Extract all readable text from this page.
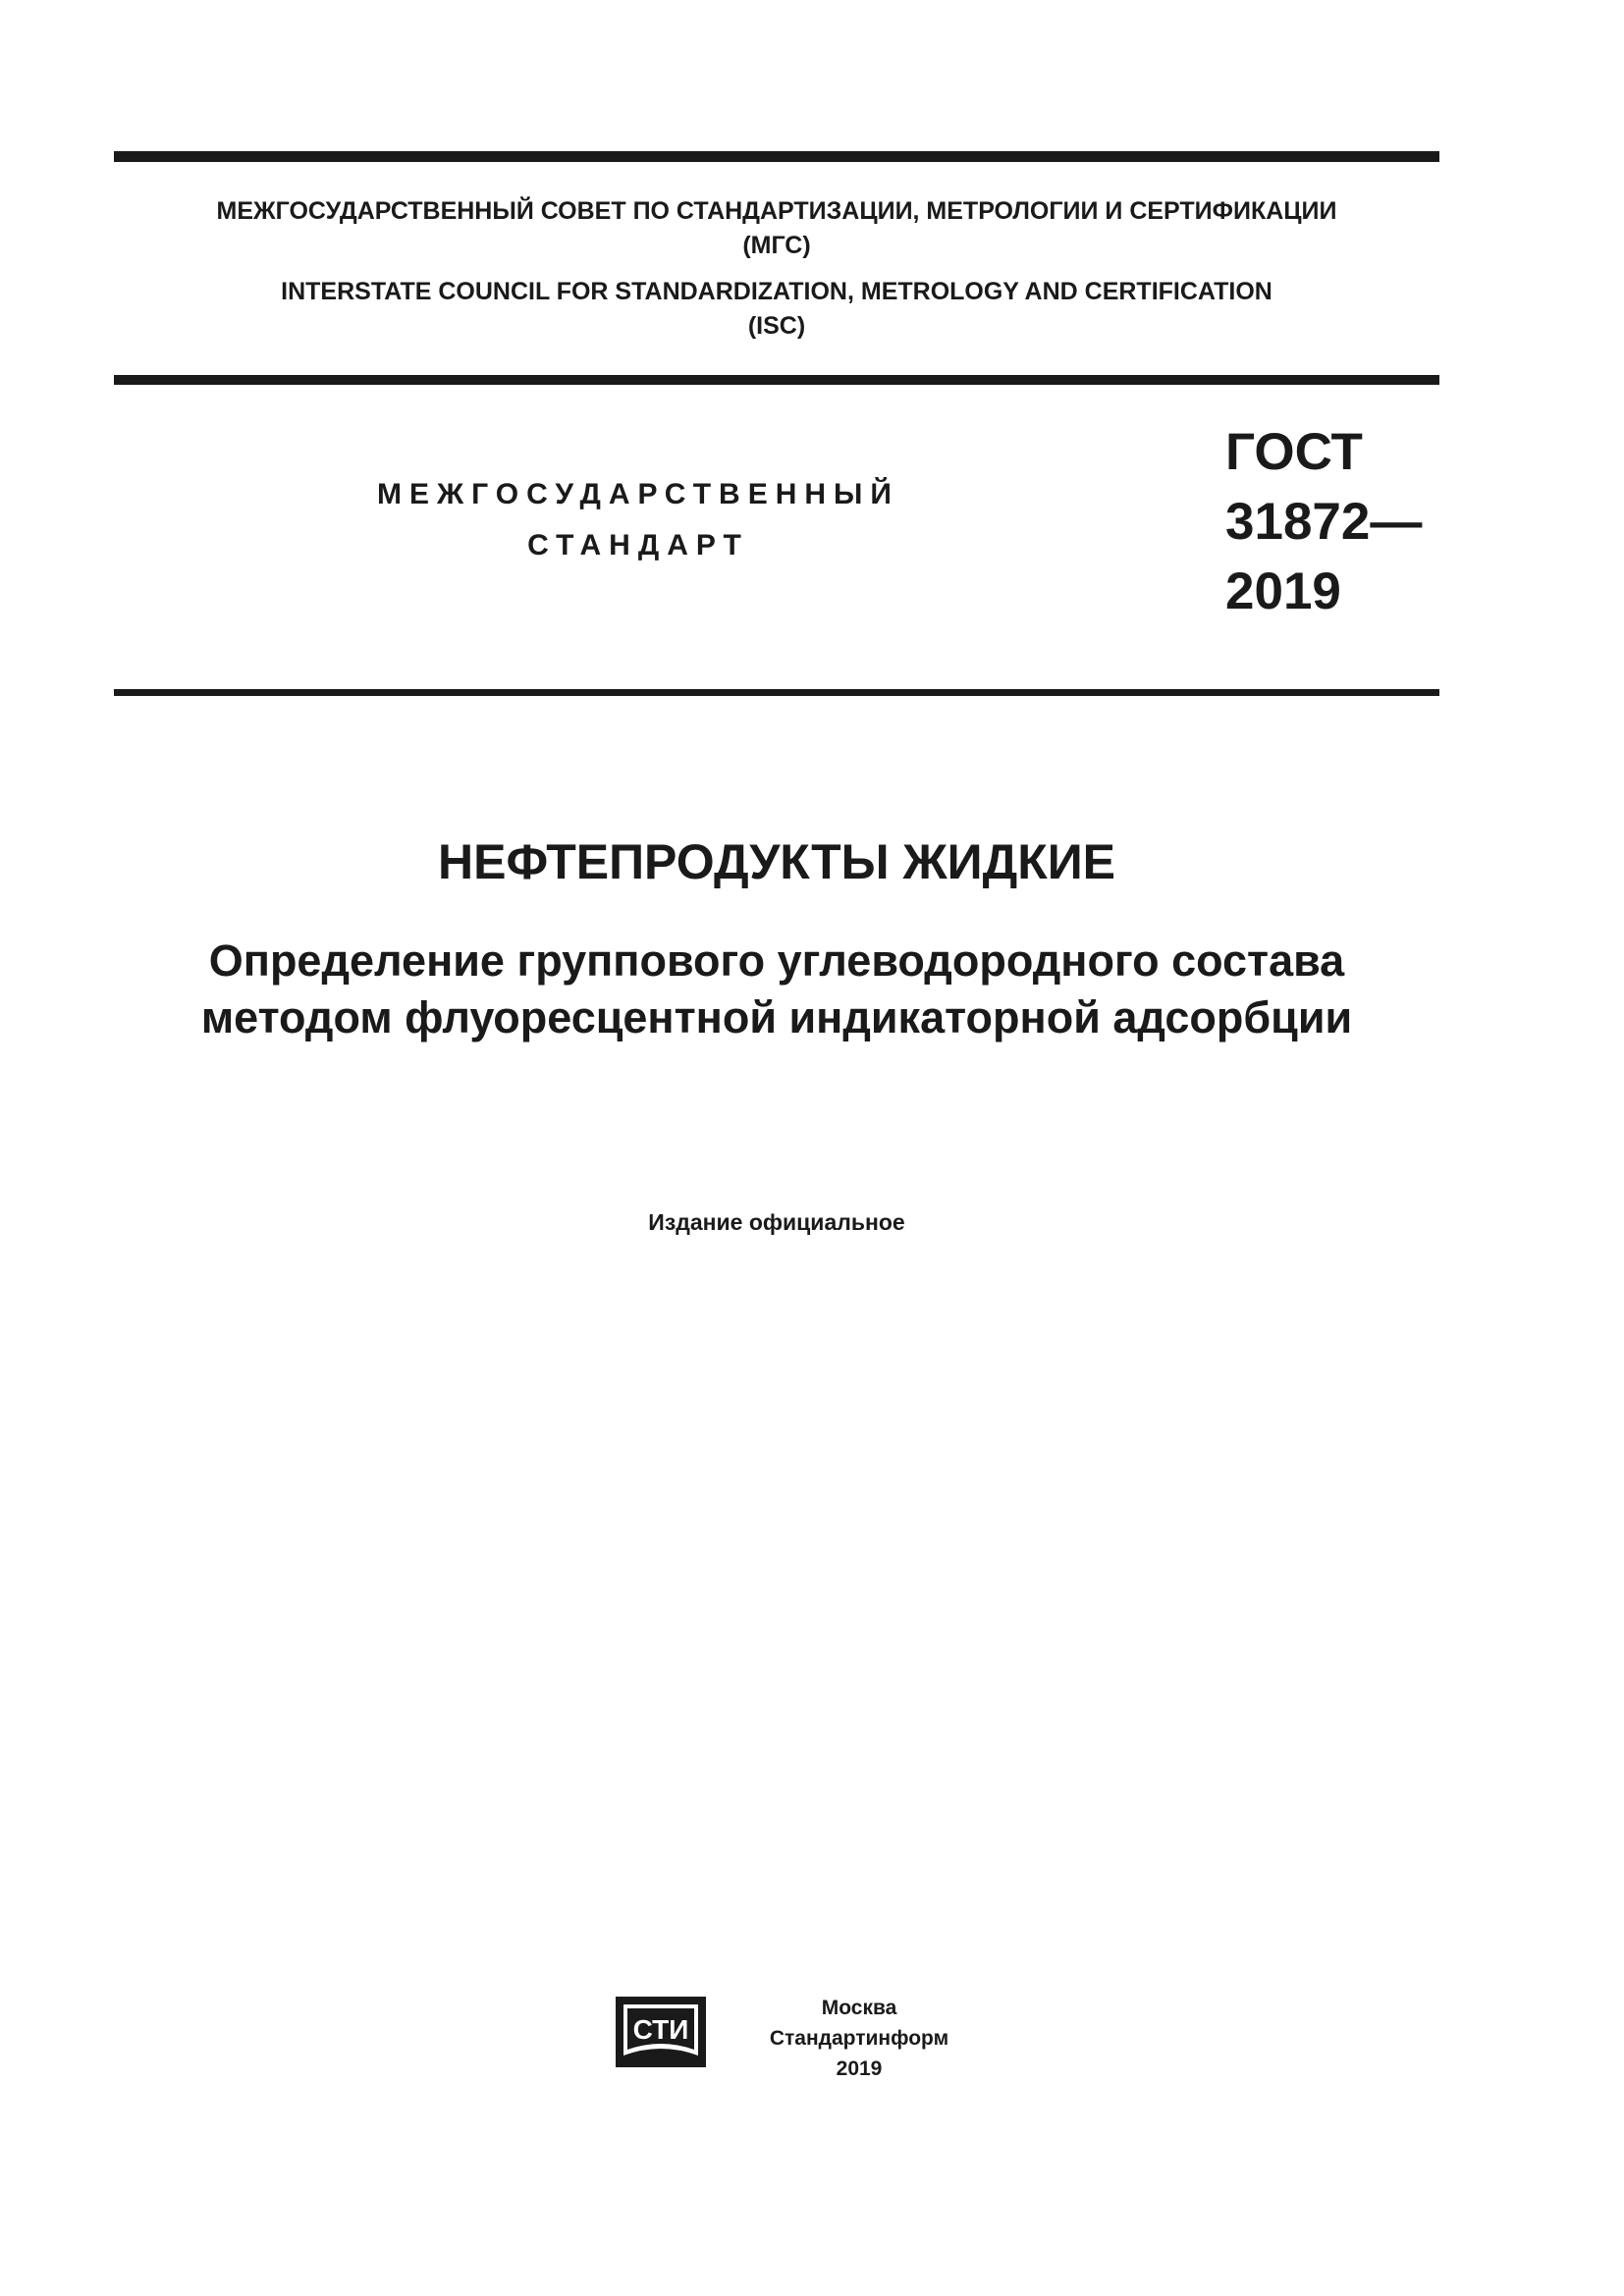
МЕЖГОСУДАРСТВЕННЫЙ СОВЕТ ПО СТАНДАРТИЗАЦИИ, МЕТРОЛОГИИ И СЕРТИФИКАЦИИ
(МГС)
INTERSTATE COUNCIL FOR STANDARDIZATION, METROLOGY AND CERTIFICATION
(ISC)
МЕЖГОСУДАРСТВЕННЫЙ
СТАНДАРТ
ГОСТ
31872—
2019
НЕФТЕПРОДУКТЫ ЖИДКИЕ
Определение группового углеводородного состава
методом флуоресцентной индикаторной адсорбции
Издание официальное
СТИ
Москва
Стандартинформ
2019
